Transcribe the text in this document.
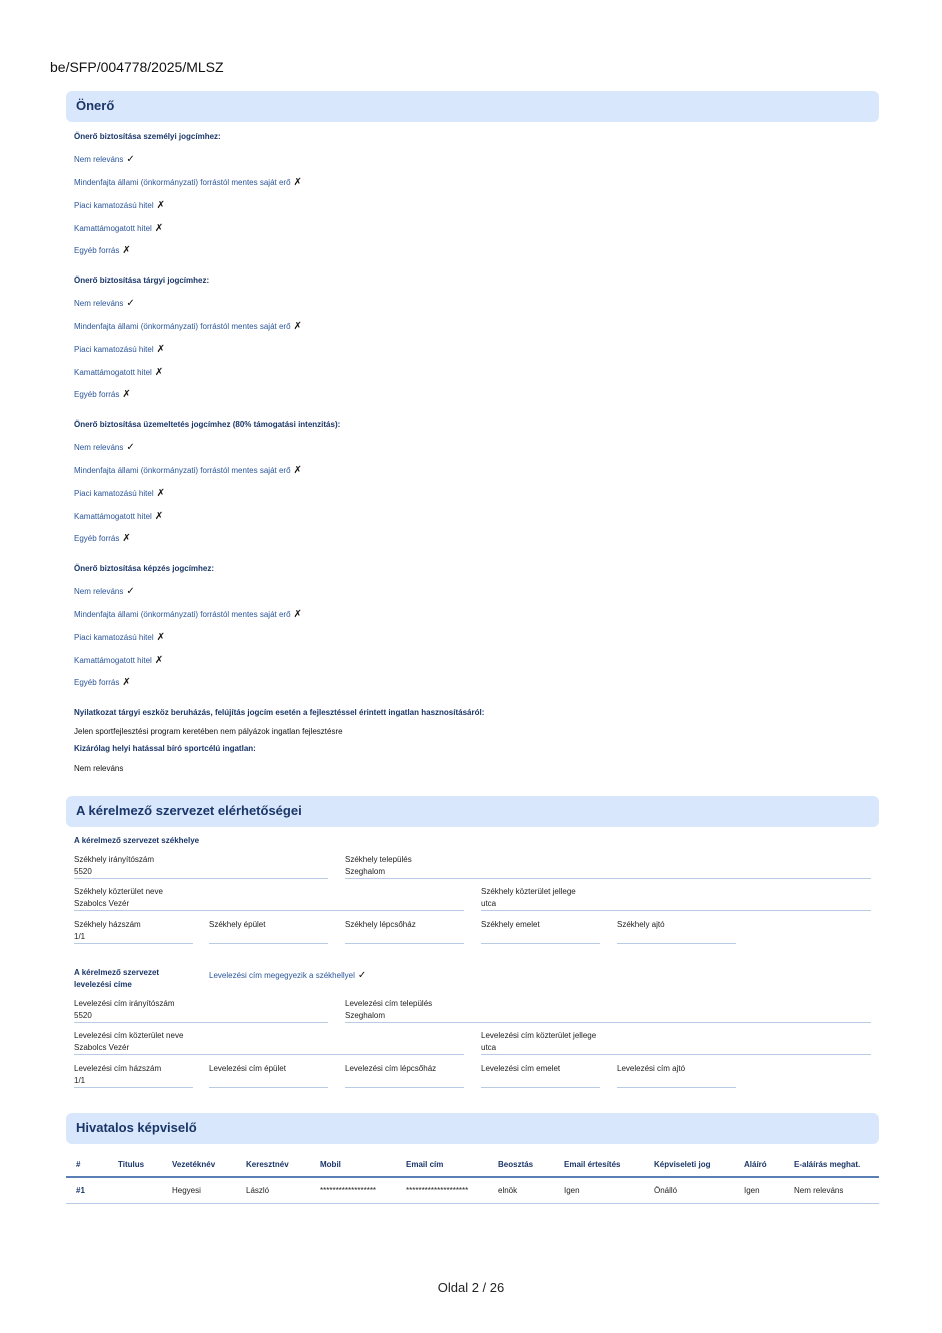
be/SFP/004778/2025/MLSZ
Önerő
Önerő biztosítása személyi jogcímhez:
Nem releváns ✓
Mindenfajta állami (önkormányzati) forrástól mentes saját erő ✗
Piaci kamatozású hitel ✗
Kamattámogatott hitel ✗
Egyéb forrás ✗
Önerő biztosítása tárgyi jogcímhez:
Nem releváns ✓
Mindenfajta állami (önkormányzati) forrástól mentes saját erő ✗
Piaci kamatozású hitel ✗
Kamattámogatott hitel ✗
Egyéb forrás ✗
Önerő biztosítása üzemeltetés jogcímhez (80% támogatási intenzitás):
Nem releváns ✓
Mindenfajta állami (önkormányzati) forrástól mentes saját erő ✗
Piaci kamatozású hitel ✗
Kamattámogatott hitel ✗
Egyéb forrás ✗
Önerő biztosítása képzés jogcímhez:
Nem releváns ✓
Mindenfajta állami (önkormányzati) forrástól mentes saját erő ✗
Piaci kamatozású hitel ✗
Kamattámogatott hitel ✗
Egyéb forrás ✗
Nyilatkozat tárgyi eszköz beruházás, felújítás jogcím esetén a fejlesztéssel érintett ingatlan hasznosításáról:
Jelen sportfejlesztési program keretében nem pályázok ingatlan fejlesztésre
Kizárólag helyi hatással bíró sportcélú ingatlan:
Nem releváns
A kérelmező szervezet elérhetőségei
A kérelmező szervezet székhelye
Székhely irányítószám
5520
Székhely település
Szeghalom
Székhely közterület neve
Szabolcs Vezér
Székhely közterület jellege
utca
Székhely házszám
1/1
Székhely épület	Székhely lépcsőház	Székhely emelet	Székhely ajtó
A kérelmező szervezet levelezési címe
Levelezési cím megegyezik a székhellyel ✓
Levelezési cím irányítószám
5520
Levelezési cím település
Szeghalom
Levelezési cím közterület neve
Szabolcs Vezér
Levelezési cím közterület jellege
utca
Levelezési cím házszám
1/1
Levelezési cím épület	Levelezési cím lépcsőház	Levelezési cím emelet	Levelezési cím ajtó
Hivatalos képviselő
#	Titulus	Vezetéknév	Keresztnév	Mobil	Email cím	Beosztás	Email értesítés	Képviseleti jog	Aláíró	E-aláírás meghat.
#1		Hegyesi	László	******************	********************	elnök	Igen	Önálló	Igen	Nem releváns
Oldal 2 / 26
